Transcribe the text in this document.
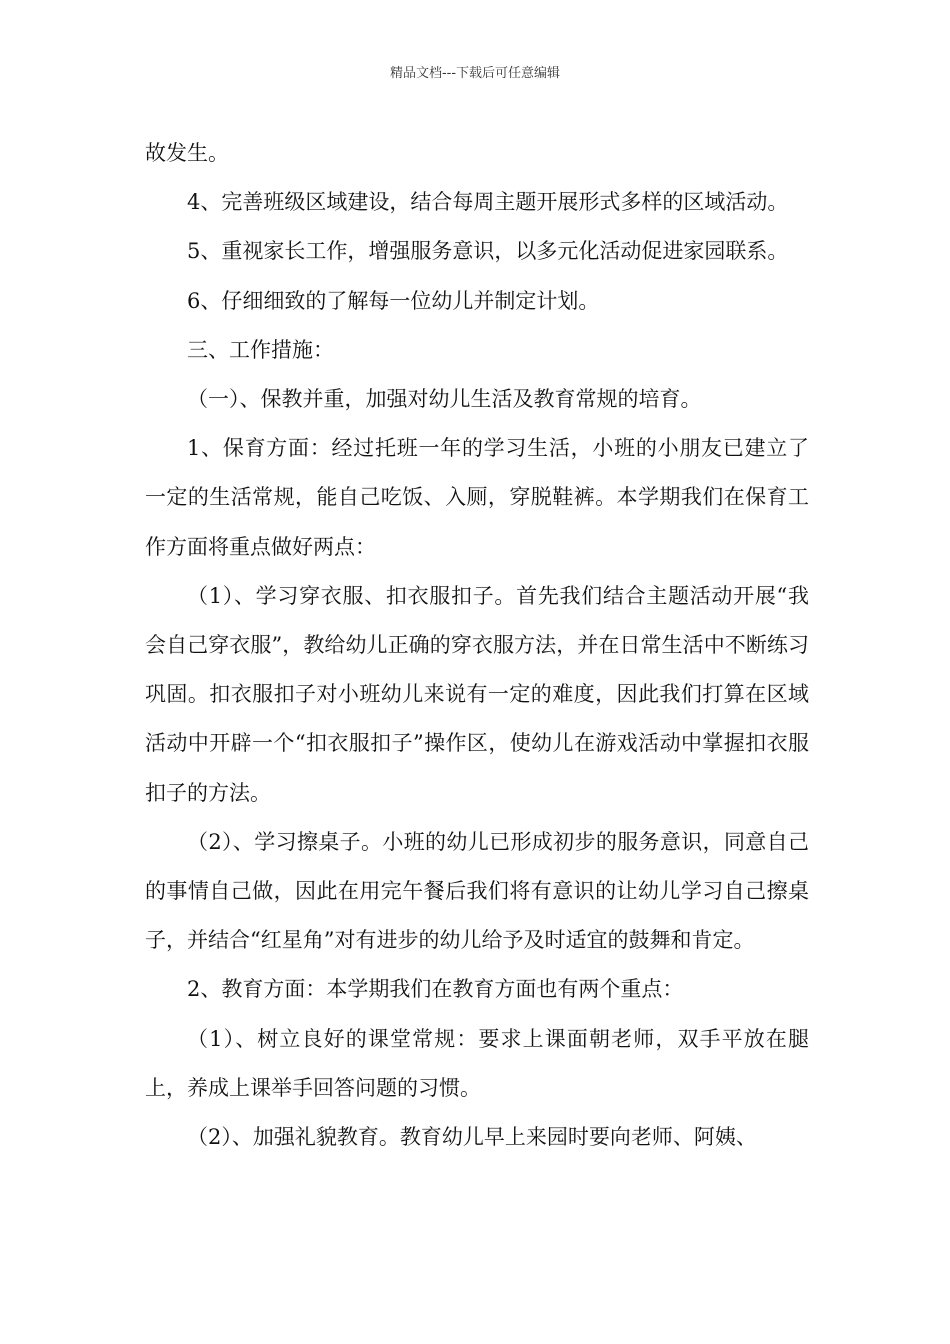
精品文档---下载后可任意编辑

故发生。

4、完善班级区域建设，结合每周主题开展形式多样的区域活动。

5、重视家长工作，增强服务意识，以多元化活动促进家园联系。

6、仔细细致的了解每一位幼儿并制定计划。

三、工作措施：

（一）、保教并重，加强对幼儿生活及教育常规的培育。

1、保育方面：经过托班一年的学习生活，小班的小朋友已建立了一定的生活常规，能自己吃饭、入厕，穿脱鞋裤。本学期我们在保育工作方面将重点做好两点：

（1）、学习穿衣服、扣衣服扣子。首先我们结合主题活动开展“我会自己穿衣服”，教给幼儿正确的穿衣服方法，并在日常生活中不断练习巩固。扣衣服扣子对小班幼儿来说有一定的难度，因此我们打算在区域活动中开辟一个“扣衣服扣子”操作区，使幼儿在游戏活动中掌握扣衣服扣子的方法。

（2）、学习擦桌子。小班的幼儿已形成初步的服务意识，同意自己的事情自己做，因此在用完午餐后我们将有意识的让幼儿学习自己擦桌子，并结合“红星角”对有进步的幼儿给予及时适宜的鼓舞和肯定。

2、教育方面：本学期我们在教育方面也有两个重点：

（1）、树立良好的课堂常规：要求上课面朝老师，双手平放在腿上，养成上课举手回答问题的习惯。

（2）、加强礼貌教育。教育幼儿早上来园时要向老师、阿姨、
